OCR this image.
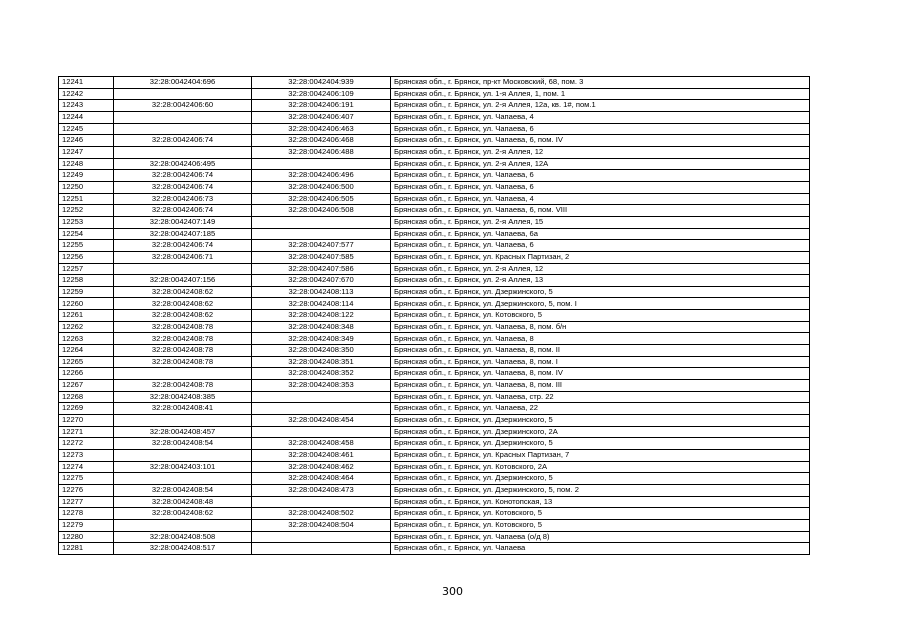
12241	32:28:0042404:696	32:28:0042404:939	Брянская обл., г. Брянск, пр-кт Московский, 68, пом. 3
12242		32:28:0042406:109	Брянская обл., г. Брянск, ул. 1-я Аллея, 1, пом. 1
12243	32:28:0042406:60	32:28:0042406:191	Брянская обл., г. Брянск, ул. 2-я Аллея, 12а, кв. 1#, пом.1
12244		32:28:0042406:407	Брянская обл., г. Брянск, ул. Чапаева, 4
12245		32:28:0042406:463	Брянская обл., г. Брянск, ул. Чапаева, 6
12246	32:28:0042406:74	32:28:0042406:468	Брянская обл., г. Брянск, ул. Чапаева, 6, пом. IV
12247		32:28:0042406:488	Брянская обл., г. Брянск, ул. 2-я Аллея, 12
12248	32:28:0042406:495		Брянская обл., г. Брянск, ул. 2-я Аллея, 12А
12249	32:28:0042406:74	32:28:0042406:496	Брянская обл., г. Брянск, ул. Чапаева, 6
12250	32:28:0042406:74	32:28:0042406:500	Брянская обл., г. Брянск, ул. Чапаева, 6
12251	32:28:0042406:73	32:28:0042406:505	Брянская обл., г. Брянск, ул. Чапаева, 4
12252	32:28:0042406:74	32:28:0042406:508	Брянская обл., г. Брянск, ул. Чапаева, 6, пом. VIII
12253	32:28:0042407:149		Брянская обл., г. Брянск, ул. 2-я Аллея, 15
12254	32:28:0042407:185		Брянская обл., г. Брянск, ул. Чапаева, 6а
12255	32:28:0042406:74	32:28:0042407:577	Брянская обл., г. Брянск, ул. Чапаева, 6
12256	32:28:0042406:71	32:28:0042407:585	Брянская обл., г. Брянск, ул. Красных Партизан, 2
12257		32:28:0042407:586	Брянская обл., г. Брянск, ул. 2-я Аллея, 12
12258	32:28:0042407:156	32:28:0042407:670	Брянская обл., г. Брянск, ул. 2-я Аллея, 13
12259	32:28:0042408:62	32:28:0042408:113	Брянская обл., г. Брянск, ул. Дзержинского, 5
12260	32:28:0042408:62	32:28:0042408:114	Брянская обл., г. Брянск, ул. Дзержинского, 5, пом. I
12261	32:28:0042408:62	32:28:0042408:122	Брянская обл., г. Брянск, ул. Котовского, 5
12262	32:28:0042408:78	32:28:0042408:348	Брянская обл., г. Брянск, ул. Чапаева, 8, пом. б/н
12263	32:28:0042408:78	32:28:0042408:349	Брянская обл., г. Брянск, ул. Чапаева, 8
12264	32:28:0042408:78	32:28:0042408:350	Брянская обл., г. Брянск, ул. Чапаева, 8, пом. II
12265	32:28:0042408:78	32:28:0042408:351	Брянская обл., г. Брянск, ул. Чапаева, 8, пом. I
12266		32:28:0042408:352	Брянская обл., г. Брянск, ул. Чапаева, 8, пом. IV
12267	32:28:0042408:78	32:28:0042408:353	Брянская обл., г. Брянск, ул. Чапаева, 8, пом. III
12268	32:28:0042408:385		Брянская обл., г. Брянск, ул. Чапаева, стр. 22
12269	32:28:0042408:41		Брянская обл., г. Брянск, ул. Чапаева, 22
12270		32:28:0042408:454	Брянская обл., г. Брянск, ул. Дзержинского, 5
12271	32:28:0042408:457		Брянская обл., г. Брянск, ул. Дзержинского, 2А
12272	32:28:0042408:54	32:28:0042408:458	Брянская обл., г. Брянск, ул. Дзержинского, 5
12273		32:28:0042408:461	Брянская обл., г. Брянск, ул. Красных Партизан, 7
12274	32:28:0042403:101	32:28:0042408:462	Брянская обл., г. Брянск, ул. Котовского, 2А
12275		32:28:0042408:464	Брянская обл., г. Брянск, ул. Дзержинского, 5
12276	32:28:0042408:54	32:28:0042408:473	Брянская обл., г. Брянск, ул. Дзержинского, 5, пом. 2
12277	32:28:0042408:48		Брянская обл., г. Брянск, ул. Конотопская, 13
12278	32:28:0042408:62	32:28:0042408:502	Брянская обл., г. Брянск, ул. Котовского, 5
12279		32:28:0042408:504	Брянская обл., г. Брянск, ул. Котовского, 5
12280	32:28:0042408:508		Брянская обл., г. Брянск, ул. Чапаева (о/д 8)
12281	32:28:0042408:517		Брянская обл., г. Брянск, ул. Чапаева
300
